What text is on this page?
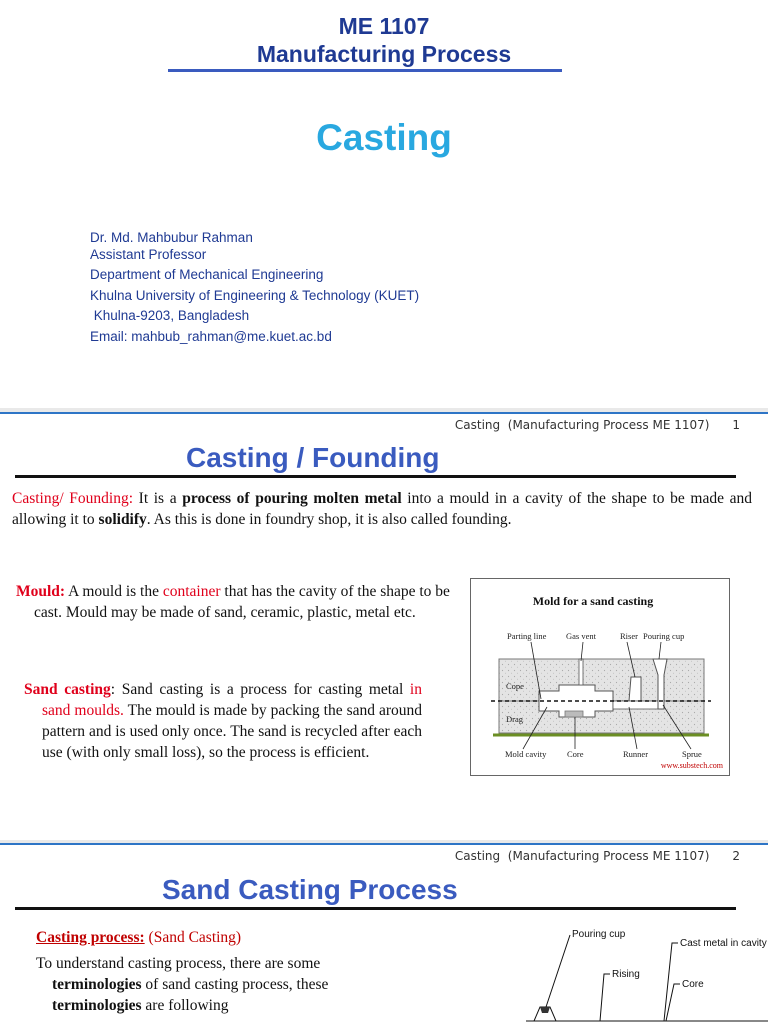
ME 1107
Manufacturing Process
Casting
Dr. Md. Mahbubur Rahman
Assistant Professor
Department of Mechanical Engineering
Khulna University of Engineering & Technology (KUET)
Khulna-9203, Bangladesh
Email: mahbub_rahman@me.kuet.ac.bd
Casting  (Manufacturing Process ME 1107) 1
Casting / Founding

Casting/ Founding: It is a process of pouring molten metal into a mould in a cavity of the shape to be made and allowing it to solidify. As this is done in foundry shop, it is also called founding.

Mould: A mould is the container that has the cavity of the shape to be cast. Mould may be made of sand, ceramic, plastic, metal etc.

Sand casting: Sand casting is a process for casting metal in sand moulds. The mould is made by packing the sand around pattern and is used only once. The sand is recycled after each use (with only small loss), so the process is efficient.

Mold for a sand casting
Parting line Gas vent	Riser Pouring cup
Cope
Drag
Mold cavity Core	Runner	Sprue
www.substech.com
Casting  (Manufacturing Process ME 1107) 2
Sand Casting Process

Casting process: (Sand Casting)

To understand casting process, there are some terminologies of sand casting process, these terminologies are following

Pouring cup
Cast metal in cavity
Rising
Core
